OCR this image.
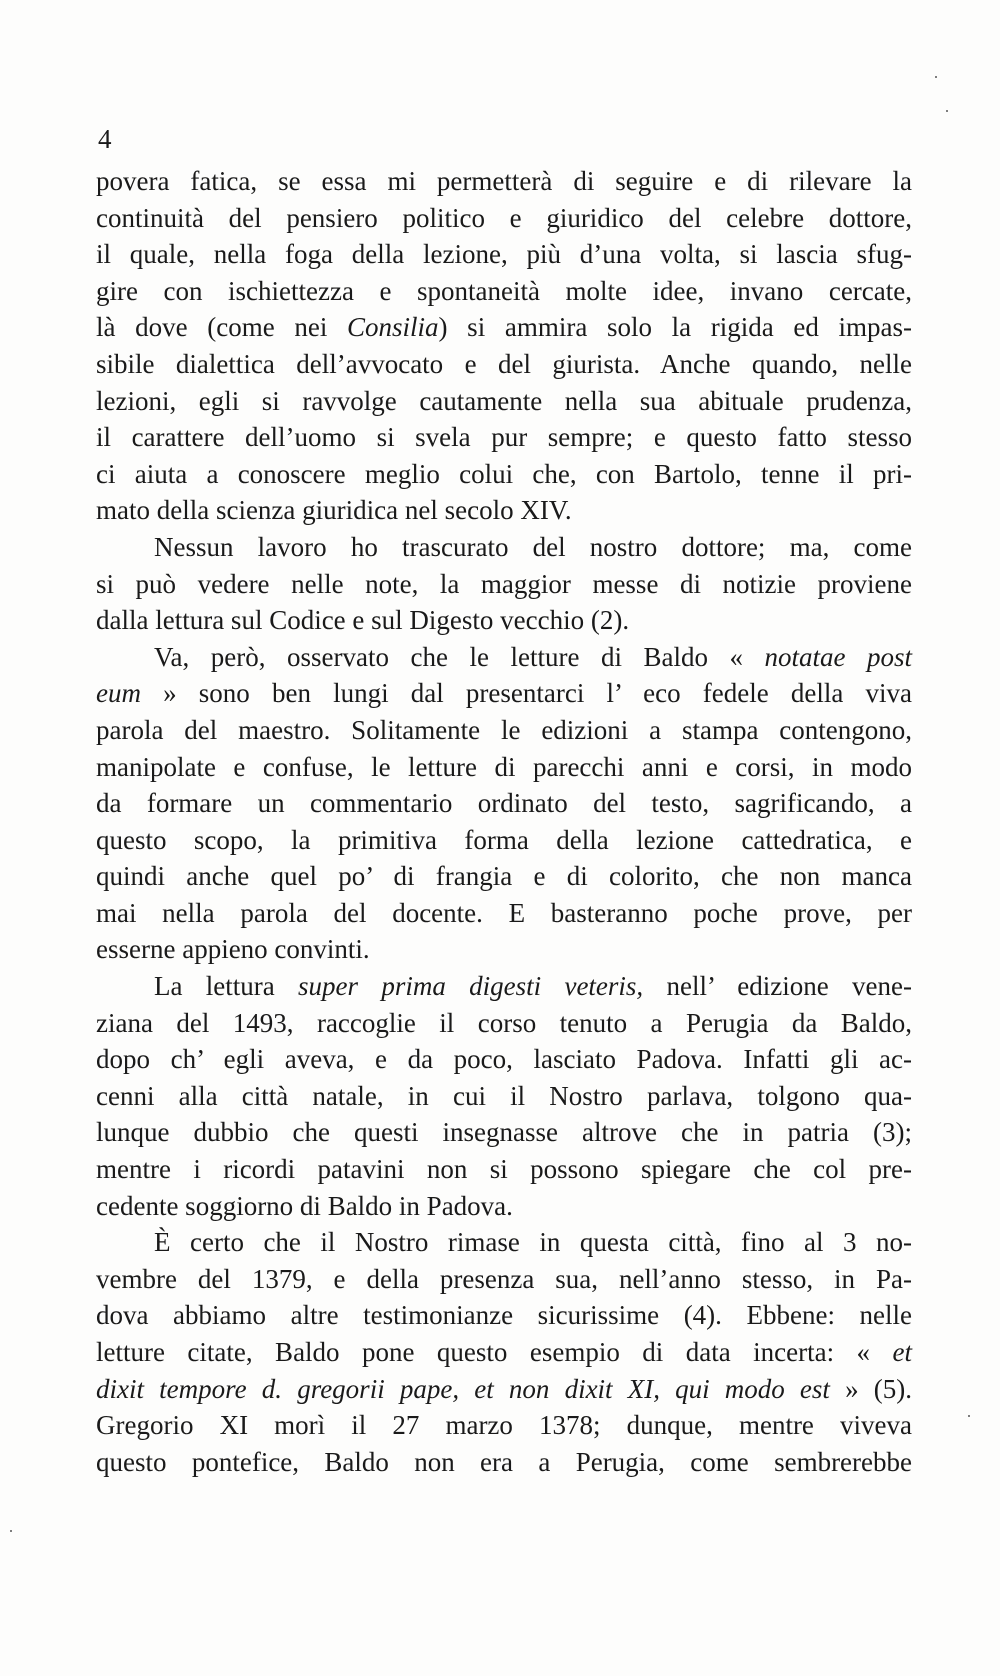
4
povera fatica, se essa mi permetterà di seguire e di rilevare la
continuità del pensiero politico e giuridico del celebre dottore,
il quale, nella foga della lezione, più d’una volta, si lascia sfug-
gire con ischiettezza e spontaneità molte idee, invano cercate,
là dove (come nei Consilia) si ammira solo la rigida ed impas-
sibile dialettica dell’avvocato e del giurista. Anche quando, nelle
lezioni, egli si ravvolge cautamente nella sua abituale prudenza,
il carattere dell’uomo si svela pur sempre; e questo fatto stesso
ci aiuta a conoscere meglio colui che, con Bartolo, tenne il pri-
mato della scienza giuridica nel secolo XIV.
Nessun lavoro ho trascurato del nostro dottore; ma, come
si può vedere nelle note, la maggior messe di notizie proviene
dalla lettura sul Codice e sul Digesto vecchio (2).
Va, però, osservato che le letture di Baldo « notatae post
eum » sono ben lungi dal presentarci l’ eco fedele della viva
parola del maestro. Solitamente le edizioni a stampa contengono,
manipolate e confuse, le letture di parecchi anni e corsi, in modo
da formare un commentario ordinato del testo, sagrificando, a
questo scopo, la primitiva forma della lezione cattedratica, e
quindi anche quel po’ di frangia e di colorito, che non manca
mai nella parola del docente. E basteranno poche prove, per
esserne appieno convinti.
La lettura super prima digesti veteris, nell’ edizione vene-
ziana del 1493, raccoglie il corso tenuto a Perugia da Baldo,
dopo ch’ egli aveva, e da poco, lasciato Padova. Infatti gli ac-
cenni alla città natale, in cui il Nostro parlava, tolgono qua-
lunque dubbio che questi insegnasse altrove che in patria (3);
mentre i ricordi patavini non si possono spiegare che col pre-
cedente soggiorno di Baldo in Padova.
È certo che il Nostro rimase in questa città, fino al 3 no-
vembre del 1379, e della presenza sua, nell’anno stesso, in Pa-
dova abbiamo altre testimonianze sicurissime (4). Ebbene: nelle
letture citate, Baldo pone questo esempio di data incerta: « et
dixit tempore d. gregorii pape, et non dixit XI, qui modo est » (5).
Gregorio XI morì il 27 marzo 1378; dunque, mentre viveva
questo pontefice, Baldo non era a Perugia, come sembrerebbe
